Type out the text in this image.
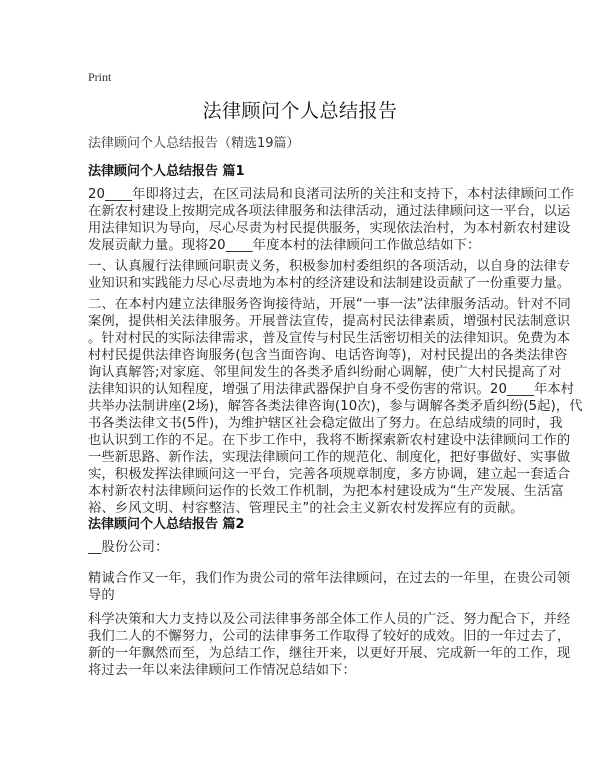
Print
法律顾问个人总结报告
法律顾问个人总结报告（精选19篇）
法律顾问个人总结报告 篇1
20____年即将过去，在区司法局和良渚司法所的关注和支持下，本村法律顾问工作
在新农村建设上按期完成各项法律服务和法律活动，通过法律顾问这一平台，以运
用法律知识为导向，尽心尽责为村民提供服务，实现依法治村，为本村新农村建设
发展贡献力量。现将20____年度本村的法律顾问工作做总结如下：
一、认真履行法律顾问职责义务，积极参加村委组织的各项活动，以自身的法律专
业知识和实践能力尽心尽责地为本村的经济建设和法制建设贡献了一份重要力量。
二、在本村内建立法律服务咨询接待站，开展“一事一法”法律服务活动。针对不同
案例，提供相关法律服务。开展普法宣传，提高村民法律素质，增强村民法制意识
。针对村民的实际法律需求，普及宣传与村民生活密切相关的法律知识。免费为本
村村民提供法律咨询服务(包含当面咨询、电话咨询等)，对村民提出的各类法律咨
询认真解答;对家庭、邻里间发生的各类矛盾纠纷耐心调解，使广大村民提高了对
法律知识的认知程度，增强了用法律武器保护自身不受伤害的常识。20____年本村
共举办法制讲座(2场)，解答各类法律咨询(10次)，参与调解各类矛盾纠纷(5起)，代
书各类法律文书(5件)，为维护辖区社会稳定做出了努力。在总结成绩的同时，我
也认识到工作的不足。在下步工作中，我将不断探索新农村建设中法律顾问工作的
一些新思路、新作法，实现法律顾问工作的规范化、制度化，把好事做好、实事做
实，积极发挥法律顾问这一平台，完善各项规章制度，多方协调，建立起一套适合
本村新农村法律顾问运作的长效工作机制，为把本村建设成为“生产发展、生活富
裕、乡风文明、村容整洁、管理民主”的社会主义新农村发挥应有的贡献。
法律顾问个人总结报告 篇2
__股份公司：
精诚合作又一年，我们作为贵公司的常年法律顾问，在过去的一年里，在贵公司领
导的
科学决策和大力支持以及公司法律事务部全体工作人员的广泛、努力配合下，并经
我们二人的不懈努力，公司的法律事务工作取得了较好的成效。旧的一年过去了，
新的一年飘然而至，为总结工作，继往开来，以更好开展、完成新一年的工作，现
将过去一年以来法律顾问工作情况总结如下：
